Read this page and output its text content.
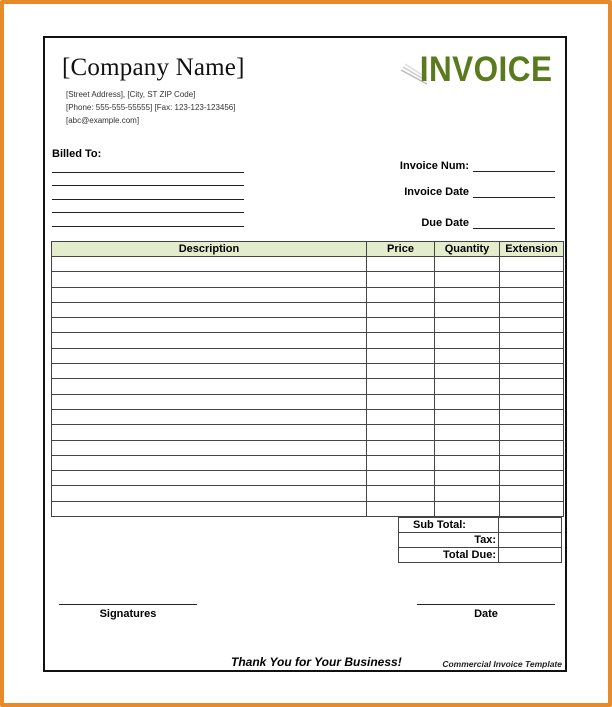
[Company Name]
[Street Address], [City, ST ZIP Code]
[Phone: 555-555-55555] [Fax: 123-123-123456]
[abc@example.com]
INVOICE
Billed To:
Invoice Num:
Invoice Date
Due Date
Description	Price	Quantity	Extension

Sub Total:	
Tax:	
Total Due:	
Signatures	Date
Thank You for Your Business!	Commercial Invoice Template
